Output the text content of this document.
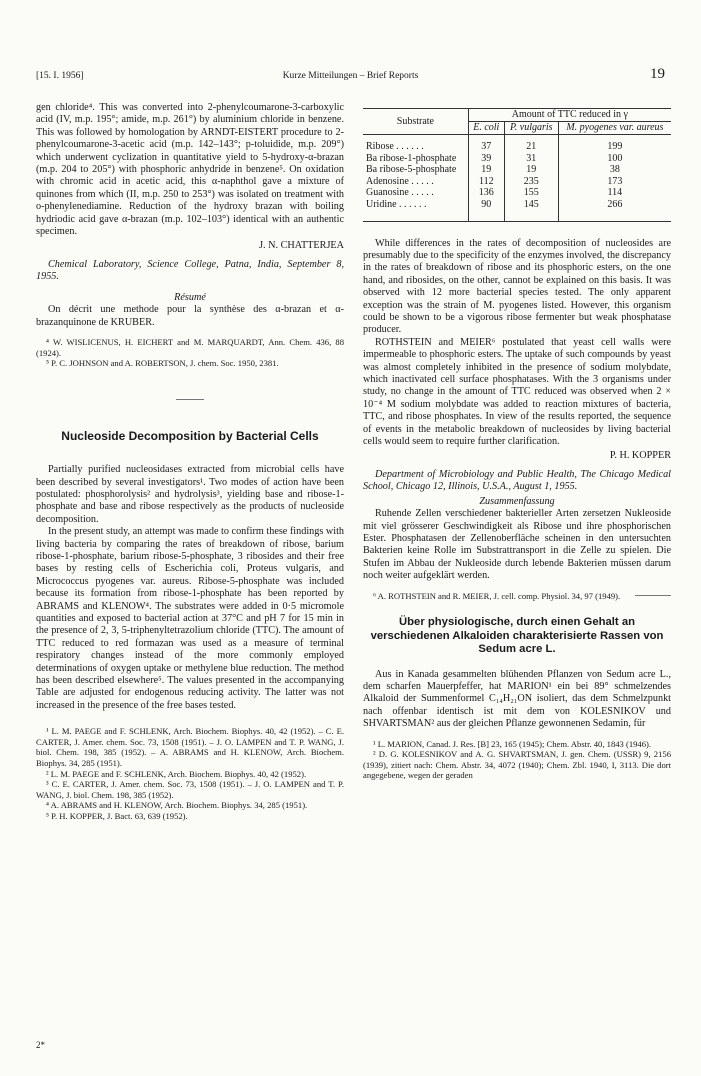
[15. I. 1956]	Kurze Mitteilungen – Brief Reports	19

gen chloride⁴. This was converted into 2-phenylcoumarone-3-carboxylic acid (IV, m.p. 195°; amide, m.p. 261°) by aluminium chloride in benzene. This was followed by homologation by ARNDT-EISTERT procedure to 2-phenylcoumarone-3-acetic acid (m.p. 142–143°; p-toluidide, m.p. 209°) which underwent cyclization in quantitative yield to 5-hydroxy-α-brazan (m.p. 204 to 205°) with phosphoric anhydride in benzene⁵. On oxidation with chromic acid in acetic acid, this α-naphthol gave a mixture of quinones from which (II, m.p. 250 to 253°) was isolated on treatment with o-phenylenediamine. Reduction of the hydroxy brazan with boiling hydriodic acid gave α-brazan (m.p. 102–103°) identical with an authentic specimen.

J. N. CHATTERJEA

Chemical Laboratory, Science College, Patna, India, September 8, 1955.

Résumé

On décrit une methode pour la synthèse des α-brazan et α-brazanquinone de KRUBER.

⁴ W. WISLICENUS, H. EICHERT and M. MARQUARDT, Ann. Chem. 436, 88 (1924).

⁵ P. C. JOHNSON and A. ROBERTSON, J. chem. Soc. 1950, 2381.

Nucleoside Decomposition by Bacterial Cells

Partially purified nucleosidases extracted from microbial cells have been described by several investigators¹. Two modes of action have been postulated: phosphorolysis² and hydrolysis³, yielding base and ribose-1-phosphate and base and ribose respectively as the products of nucleoside decomposition.

In the present study, an attempt was made to confirm these findings with living bacteria by comparing the rates of breakdown of ribose, barium ribose-1-phosphate, barium ribose-5-phosphate, 3 ribosides and their free bases by resting cells of Escherichia coli, Proteus vulgaris, and Micrococcus pyogenes var. aureus. Ribose-5-phosphate was included because its formation from ribose-1-phosphate has been reported by ABRAMS and KLENOW⁴. The substrates were added in 0·5 micromole quantities and exposed to bacterial action at 37°C and pH 7 for 15 min in the presence of 2, 3, 5-triphenyltetrazolium chloride (TTC). The amount of TTC reduced to red formazan was used as a measure of terminal respiratory changes instead of the more commonly employed determinations of oxygen uptake or methylene blue reduction. The method has been described elsewhere⁵. The values presented in the accompanying Table are adjusted for endogenous reducing activity. The latter was not increased in the presence of the free bases tested.

¹ L. M. PAEGE and F. SCHLENK, Arch. Biochem. Biophys. 40, 42 (1952). – C. E. CARTER, J. Amer. chem. Soc. 73, 1508 (1951). – J. O. LAMPEN and T. P. WANG, J. biol. Chem. 198, 385 (1952). – A. ABRAMS and H. KLENOW, Arch. Biochem. Biophys. 34, 285 (1951).

² L. M. PAEGE and F. SCHLENK, Arch. Biochem. Biophys. 40, 42 (1952).

³ C. E. CARTER, J. Amer. chem. Soc. 73, 1508 (1951). – J. O. LAMPEN and T. P. WANG, J. biol. Chem. 198, 385 (1952).

⁴ A. ABRAMS and H. KLENOW, Arch. Biochem. Biophys. 34, 285 (1951).

⁵ P. H. KOPPER, J. Bact. 63, 639 (1952).

Substrate	Amount of TTC reduced in γ		
	E. coli	P. vulgaris	M. pyogenes var. aureus
Ribose . . . . . .	37	21	199
Ba ribose-1-phosphate	39	31	100
Ba ribose-5-phosphate	19	19	38
Adenosine . . . . .	112	235	173
Guanosine . . . . .	136	155	114
Uridine . . . . . .	90	145	266

While differences in the rates of decomposition of nucleosides are presumably due to the specificity of the enzymes involved, the discrepancy in the rates of breakdown of ribose and its phosphoric esters, on the one hand, and ribosides, on the other, cannot be explained on this basis. It was observed with 12 more bacterial species tested. The only apparent exception was the strain of M. pyogenes listed. However, this organism could be shown to be a vigorous ribose fermenter but weak phosphatase producer.

ROTHSTEIN and MEIER⁶ postulated that yeast cell walls were impermeable to phosphoric esters. The uptake of such compounds by yeast was almost completely inhibited in the presence of sodium molybdate, which inactivated cell surface phosphatases. With the 3 organisms under study, no change in the amount of TTC reduced was observed when 2 × 10⁻⁴ M sodium molybdate was added to reaction mixtures of bacteria, TTC, and ribose phosphates. In view of the results reported, the sequence of events in the metabolic breakdown of nucleosides by living bacterial cells would seem to require further clarification.

P. H. KOPPER

Department of Microbiology and Public Health, The Chicago Medical School, Chicago 12, Illinois, U.S.A., August 1, 1955.

Zusammenfassung

Ruhende Zellen verschiedener bakterieller Arten zersetzen Nukleoside mit viel grösserer Geschwindigkeit als Ribose und ihre phosphorischen Ester. Phosphatasen der Zellenoberfläche scheinen in den untersuchten Bakterien keine Rolle im Substrattransport in die Zelle zu spielen. Die Stufen im Abbau der Nukleoside durch lebende Bakterien müssen darum noch weiter aufgeklärt werden.

⁶ A. ROTHSTEIN and R. MEIER, J. cell. comp. Physiol. 34, 97 (1949).

Über physiologische, durch einen Gehalt an verschiedenen Alkaloiden charakterisierte Rassen von Sedum acre L.

Aus in Kanada gesammelten blühenden Pflanzen von Sedum acre L., dem scharfen Mauerpfeffer, hat MARION¹ ein bei 89° schmelzendes Alkaloid der Summenformel C₁₄H₂₁ON isoliert, das dem Schmelzpunkt nach offenbar identisch ist mit dem von KOLESNIKOV und SHVARTSMAN² aus der gleichen Pflanze gewonnenen Sedamin, für

¹ L. MARION, Canad. J. Res. [B] 23, 165 (1945); Chem. Abstr. 40, 1843 (1946).

² D. G. KOLESNIKOV and A. G. SHVARTSMAN, J. gen. Chem. (USSR) 9, 2156 (1939), zitiert nach: Chem. Abstr. 34, 4072 (1940); Chem. Zbl. 1940, I, 3113. Die dort angegebene, wegen der geraden

2*
